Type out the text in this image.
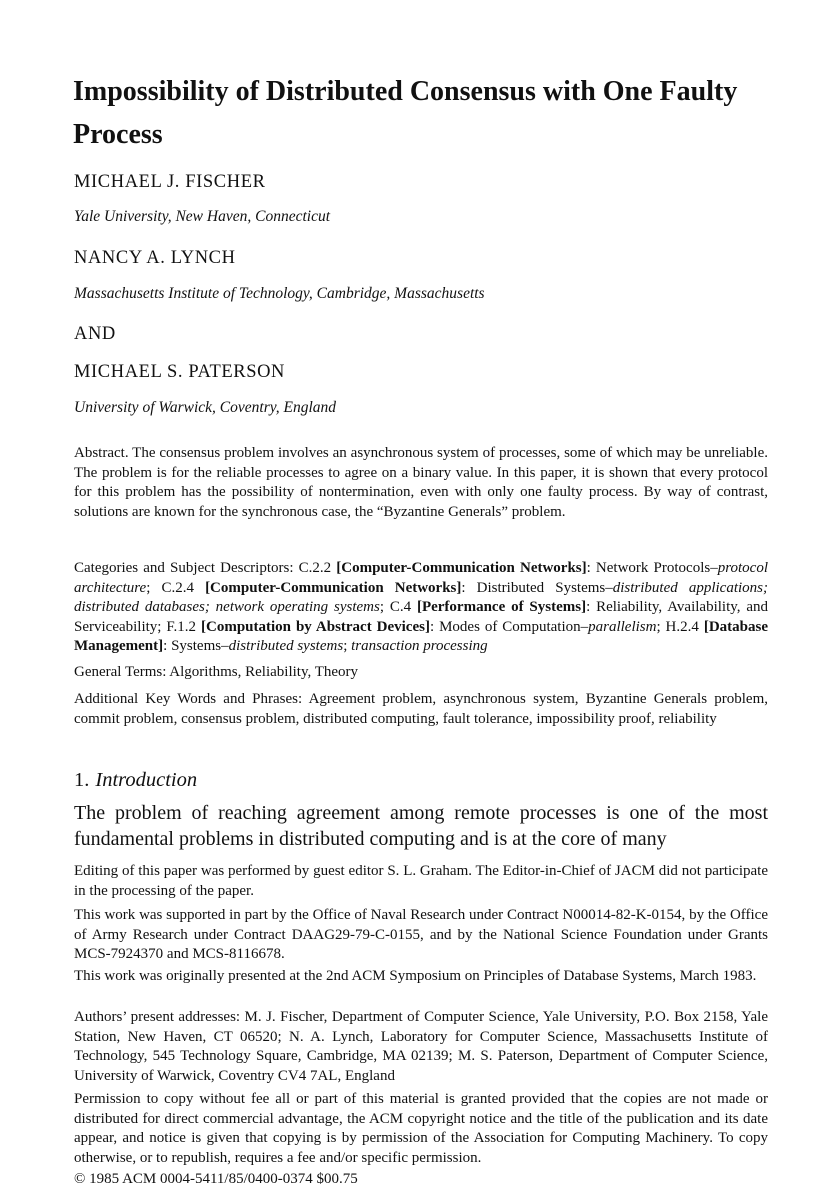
Impossibility of Distributed Consensus with One Faulty Process
MICHAEL J. FISCHER
Yale University, New Haven, Connecticut
NANCY A. LYNCH
Massachusetts Institute of Technology, Cambridge, Massachusetts
AND
MICHAEL S. PATERSON
University of Warwick, Coventry, England

Abstract. The consensus problem involves an asynchronous system of processes, some of which may be unreliable. The problem is for the reliable processes to agree on a binary value. In this paper, it is shown that every protocol for this problem has the possibility of nontermination, even with only one faulty process. By way of contrast, solutions are known for the synchronous case, the “Byzantine Generals” problem.

Categories and Subject Descriptors: C.2.2 [Computer-Communication Networks]: Network Protocols–protocol architecture; C.2.4 [Computer-Communication Networks]: Distributed Systems–distributed applications; distributed databases; network operating systems; C.4 [Performance of Systems]: Reliability, Availability, and Serviceability; F.1.2 [Computation by Abstract Devices]: Modes of Computation–parallelism; H.2.4 [Database Management]: Systems–distributed systems; transaction processing

General Terms: Algorithms, Reliability, Theory

Additional Key Words and Phrases: Agreement problem, asynchronous system, Byzantine Generals problem, commit problem, consensus problem, distributed computing, fault tolerance, impossibility proof, reliability

1. Introduction

The problem of reaching agreement among remote processes is one of the most fundamental problems in distributed computing and is at the core of many

Editing of this paper was performed by guest editor S. L. Graham. The Editor-in-Chief of JACM did not participate in the processing of the paper.

This work was supported in part by the Office of Naval Research under Contract N00014-82-K-0154, by the Office of Army Research under Contract DAAG29-79-C-0155, and by the National Science Foundation under Grants MCS-7924370 and MCS-8116678.

This work was originally presented at the 2nd ACM Symposium on Principles of Database Systems, March 1983.

Authors’ present addresses: M. J. Fischer, Department of Computer Science, Yale University, P.O. Box 2158, Yale Station, New Haven, CT 06520; N. A. Lynch, Laboratory for Computer Science, Massachusetts Institute of Technology, 545 Technology Square, Cambridge, MA 02139; M. S. Paterson, Department of Computer Science, University of Warwick, Coventry CV4 7AL, England

Permission to copy without fee all or part of this material is granted provided that the copies are not made or distributed for direct commercial advantage, the ACM copyright notice and the title of the publication and its date appear, and notice is given that copying is by permission of the Association for Computing Machinery. To copy otherwise, or to republish, requires a fee and/or specific permission.

© 1985 ACM 0004-5411/85/0400-0374 $00.75
